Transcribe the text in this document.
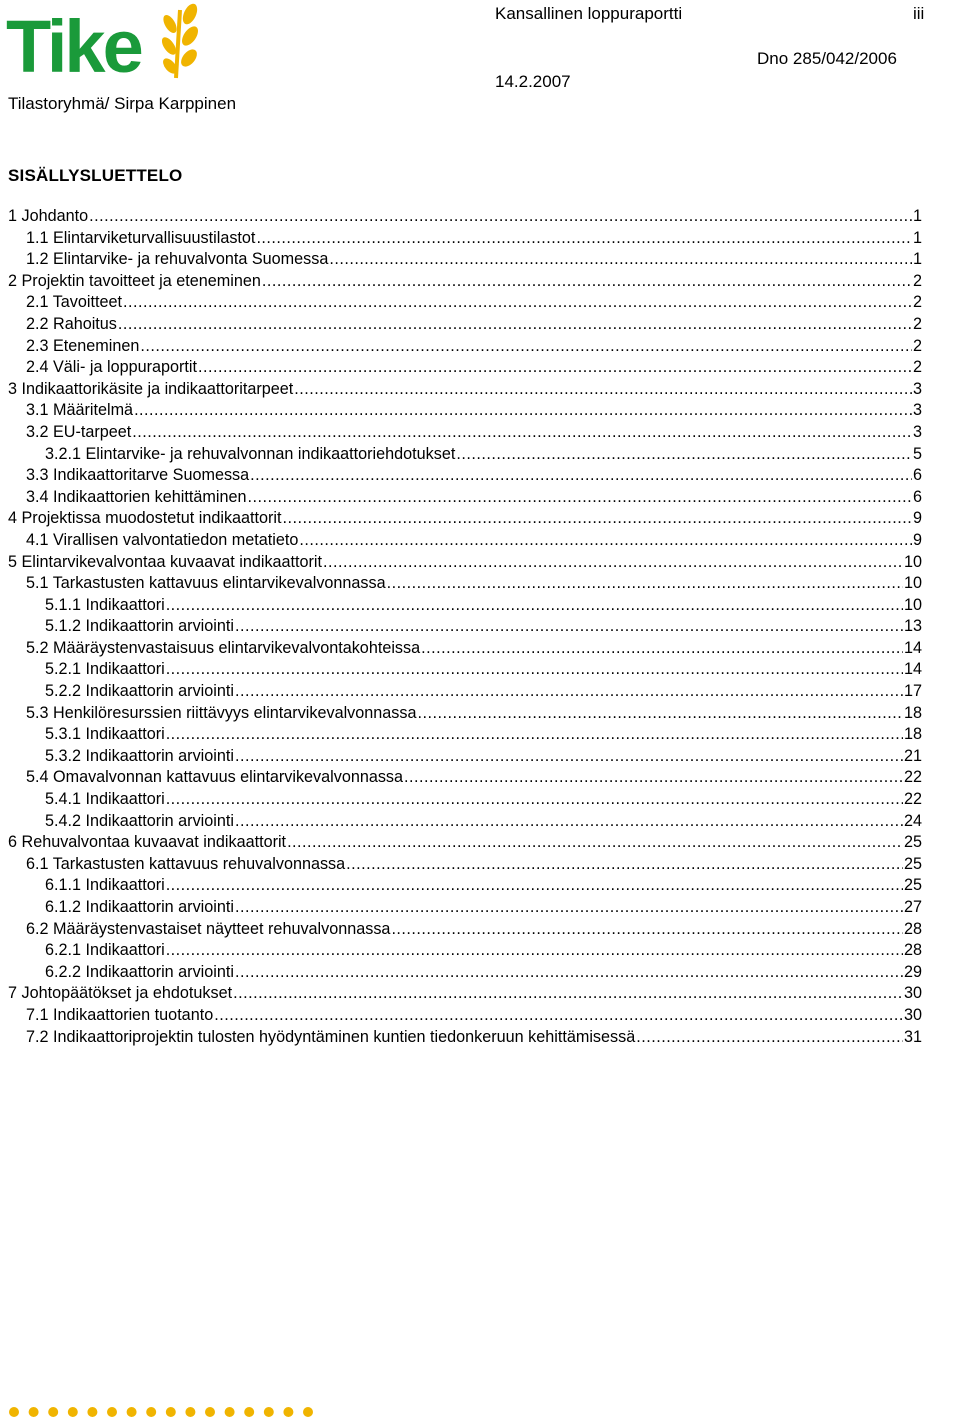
Tike	Kansallinen loppuraportti	iii
Dno 285/042/2006
14.2.2007
Tilastoryhmä/ Sirpa Karppinen
SISÄLLYSLUETTELO
1 Johdanto .....	1
1.1 Elintarviketurvallisuustilastot .....	1
1.2 Elintarvike- ja rehuvalvonta Suomessa .....	1
2 Projektin tavoitteet ja eteneminen .....	2
2.1 Tavoitteet .....	2
2.2 Rahoitus .....	2
2.3 Eteneminen .....	2
2.4 Väli- ja loppuraportit .....	2
3 Indikaattorikäsite ja indikaattoritarpeet .....	3
3.1 Määritelmä .....	3
3.2 EU-tarpeet .....	3
3.2.1 Elintarvike- ja rehuvalvonnan indikaattoriehdotukset .....	5
3.3 Indikaattoritarve Suomessa .....	6
3.4 Indikaattorien kehittäminen .....	6
4 Projektissa muodostetut indikaattorit .....	9
4.1 Virallisen valvontatiedon metatieto .....	9
5 Elintarvikevalvontaa kuvaavat indikaattorit .....	10
5.1 Tarkastusten kattavuus elintarvikevalvonnassa .....	10
5.1.1 Indikaattori .....	10
5.1.2 Indikaattorin arviointi .....	13
5.2 Määräystenvastaisuus elintarvikevalvontakohteissa .....	14
5.2.1 Indikaattori .....	14
5.2.2 Indikaattorin arviointi .....	17
5.3 Henkilöresurssien riittävyys elintarvikevalvonnassa .....	18
5.3.1 Indikaattori .....	18
5.3.2 Indikaattorin arviointi .....	21
5.4 Omavalvonnan kattavuus elintarvikevalvonnassa .....	22
5.4.1 Indikaattori .....	22
5.4.2 Indikaattorin arviointi .....	24
6 Rehuvalvontaa kuvaavat indikaattorit .....	25
6.1 Tarkastusten kattavuus rehuvalvonnassa .....	25
6.1.1 Indikaattori .....	25
6.1.2 Indikaattorin arviointi .....	27
6.2 Määräystenvastaiset näytteet rehuvalvonnassa .....	28
6.2.1 Indikaattori .....	28
6.2.2 Indikaattorin arviointi .....	29
7 Johtopäätökset ja ehdotukset .....	30
7.1 Indikaattorien tuotanto .....	30
7.2 Indikaattoriprojektin tulosten hyödyntäminen kuntien tiedonkeruun kehittämisessä .....	31
